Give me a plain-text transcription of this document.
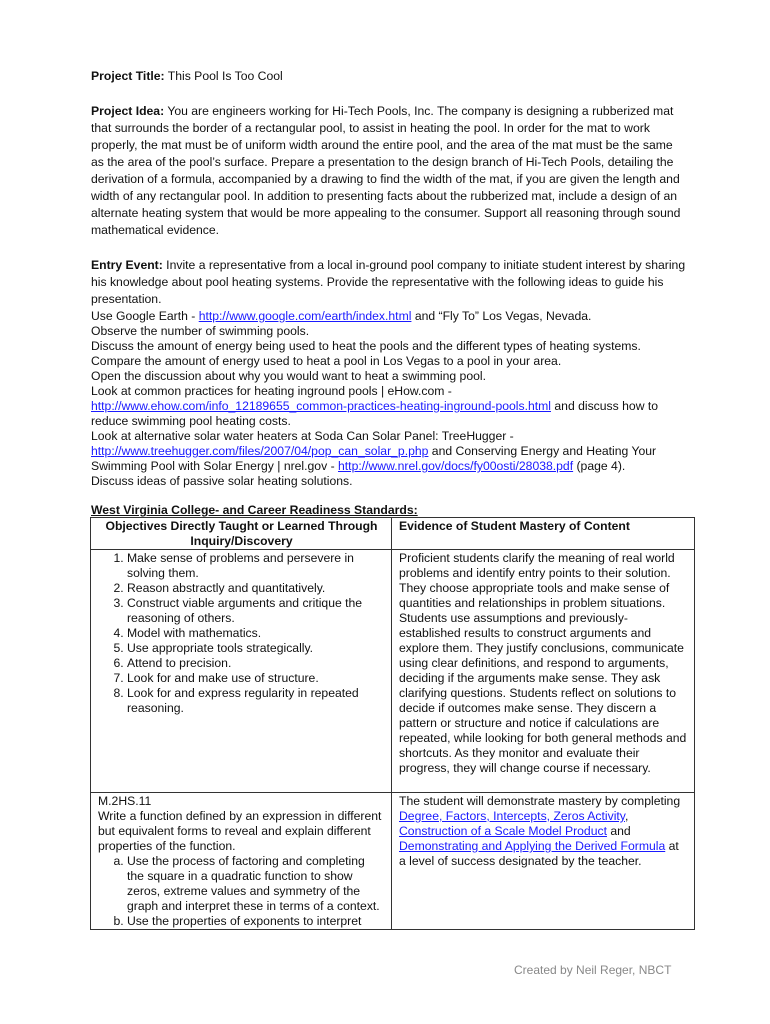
Project Title: This Pool Is Too Cool
Project Idea: You are engineers working for Hi-Tech Pools, Inc. The company is designing a rubberized mat that surrounds the border of a rectangular pool, to assist in heating the pool. In order for the mat to work properly, the mat must be of uniform width around the entire pool, and the area of the mat must be the same as the area of the pool’s surface. Prepare a presentation to the design branch of Hi-Tech Pools, detailing the derivation of a formula, accompanied by a drawing to find the width of the mat, if you are given the length and width of any rectangular pool. In addition to presenting facts about the rubberized mat, include a design of an alternate heating system that would be more appealing to the consumer. Support all reasoning through sound mathematical evidence.
Entry Event: Invite a representative from a local in-ground pool company to initiate student interest by sharing his knowledge about pool heating systems. Provide the representative with the following ideas to guide his presentation.
Use Google Earth - http://www.google.com/earth/index.html and “Fly To” Los Vegas, Nevada.
Observe the number of swimming pools.
Discuss the amount of energy being used to heat the pools and the different types of heating systems.
Compare the amount of energy used to heat a pool in Los Vegas to a pool in your area.
Open the discussion about why you would want to heat a swimming pool.
Look at common practices for heating inground pools | eHow.com -
http://www.ehow.com/info_12189655_common-practices-heating-inground-pools.html and discuss how to
reduce swimming pool heating costs.
Look at alternative solar water heaters at Soda Can Solar Panel: TreeHugger -
http://www.treehugger.com/files/2007/04/pop_can_solar_p.php and Conserving Energy and Heating Your
Swimming Pool with Solar Energy | nrel.gov - http://www.nrel.gov/docs/fy00osti/28038.pdf (page 4).
Discuss ideas of passive solar heating solutions.
West Virginia College- and Career Readiness Standards:
Objectives Directly Taught or Learned Through Inquiry/Discovery	Evidence of Student Mastery of Content

1. Make sense of problems and persevere in solving them.
2. Reason abstractly and quantitatively.
3. Construct viable arguments and critique the reasoning of others.
4. Model with mathematics.
5. Use appropriate tools strategically.
6. Attend to precision.
7. Look for and make use of structure.
8. Look for and express regularity in repeated reasoning.
	Proficient students clarify the meaning of real world problems and identify entry points to their solution. They choose appropriate tools and make sense of quantities and relationships in problem situations. Students use assumptions and previously-established results to construct arguments and explore them. They justify conclusions, communicate using clear definitions, and respond to arguments, deciding if the arguments make sense. They ask clarifying questions. Students reflect on solutions to decide if outcomes make sense. They discern a pattern or structure and notice if calculations are repeated, while looking for both general methods and shortcuts. As they monitor and evaluate their progress, they will change course if necessary.

M.2HS.11
Write a function defined by an expression in different but equivalent forms to reveal and explain different properties of the function.
a. Use the process of factoring and completing the square in a quadratic function to show zeros, extreme values and symmetry of the graph and interpret these in terms of a context.
b. Use the properties of exponents to interpret
	The student will demonstrate mastery by completing Degree, Factors, Intercepts, Zeros Activity, Construction of a Scale Model Product and Demonstrating and Applying the Derived Formula at a level of success designated by the teacher.
Created by Neil Reger, NBCT
